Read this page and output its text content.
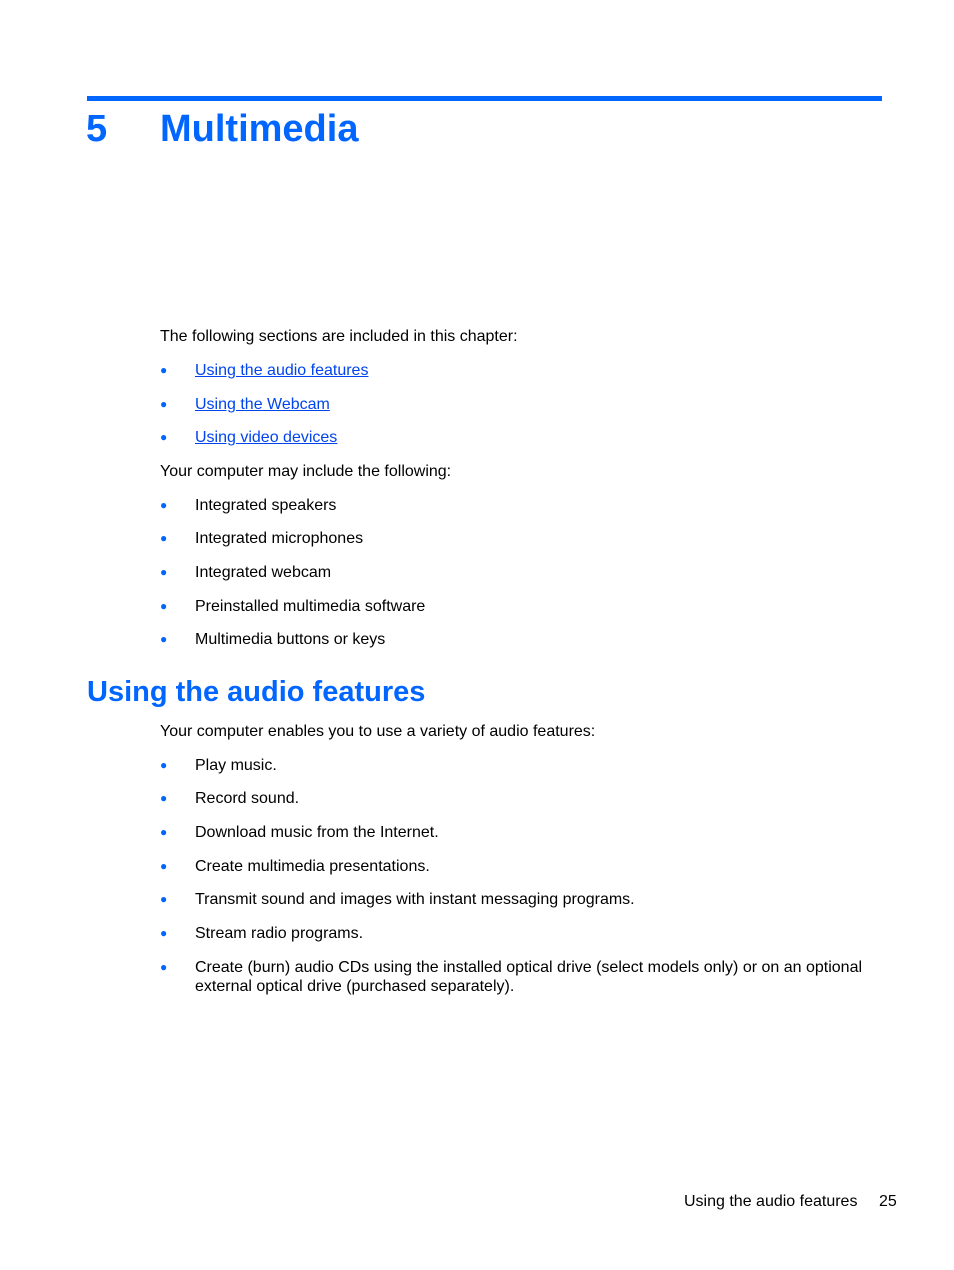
5 Multimedia
The following sections are included in this chapter:
● Using the audio features
● Using the Webcam
● Using video devices
Your computer may include the following:
● Integrated speakers
● Integrated microphones
● Integrated webcam
● Preinstalled multimedia software
● Multimedia buttons or keys
Using the audio features
Your computer enables you to use a variety of audio features:
● Play music.
● Record sound.
● Download music from the Internet.
● Create multimedia presentations.
● Transmit sound and images with instant messaging programs.
● Stream radio programs.
● Create (burn) audio CDs using the installed optical drive (select models only) or on an optional external optical drive (purchased separately).
Using the audio features 25
